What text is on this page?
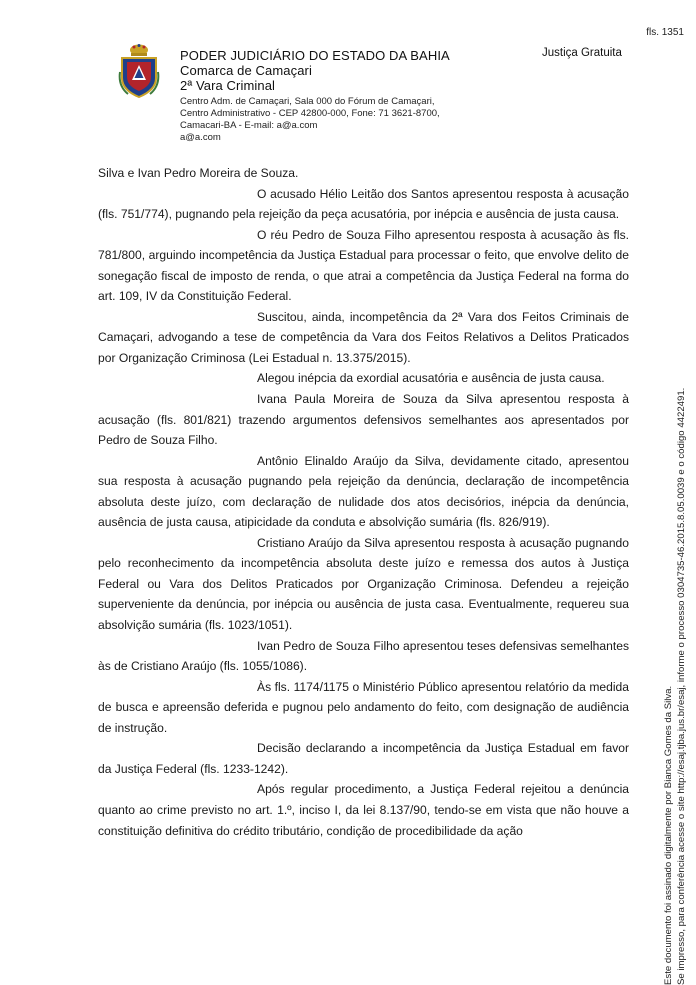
fls. 1351
PODER JUDICIÁRIO DO ESTADO DA BAHIA
Comarca de Camaçari
2ª Vara Criminal
Centro Adm. de Camaçari, Sala 000 do Fórum de Camaçari,
Centro Administrativo - CEP 42800-000, Fone: 71 3621-8700,
Camacari-BA - E-mail: a@a.com
a@a.com
Justiça Gratuita

Silva e Ivan Pedro Moreira de Souza.

O acusado Hélio Leitão dos Santos apresentou resposta à acusação (fls. 751/774), pugnando pela rejeição da peça acusatória, por inépcia e ausência de justa causa.

O réu Pedro de Souza Filho apresentou resposta à acusação às fls. 781/800, arguindo incompetência da Justiça Estadual para processar o feito, que envolve delito de sonegação fiscal de imposto de renda, o que atrai a competência da Justiça Federal na forma do art. 109, IV da Constituição Federal.

Suscitou, ainda, incompetência da 2ª Vara dos Feitos Criminais de Camaçari, advogando a tese de competência da Vara dos Feitos Relativos a Delitos Praticados por Organização Criminosa (Lei Estadual n. 13.375/2015).

Alegou inépcia da exordial acusatória e ausência de justa causa.

Ivana Paula Moreira de Souza da Silva apresentou resposta à acusação (fls. 801/821) trazendo argumentos defensivos semelhantes aos apresentados por Pedro de Souza Filho.

Antônio Elinaldo Araújo da Silva, devidamente citado, apresentou sua resposta à acusação pugnando pela rejeição da denúncia, declaração de incompetência absoluta deste juízo, com declaração de nulidade dos atos decisórios, inépcia da denúncia, ausência de justa causa, atipicidade da conduta e absolvição sumária (fls. 826/919).

Cristiano Araújo da Silva apresentou resposta à acusação pugnando pelo reconhecimento da incompetência absoluta deste juízo e remessa dos autos à Justiça Federal ou Vara dos Delitos Praticados por Organização Criminosa. Defendeu a rejeição superveniente da denúncia, por inépcia ou ausência de justa casa. Eventualmente, requereu sua absolvição sumária (fls. 1023/1051).

Ivan Pedro de Souza Filho apresentou teses defensivas semelhantes às de Cristiano Araújo (fls. 1055/1086).

Às fls. 1174/1175 o Ministério Público apresentou relatório da medida de busca e apreensão deferida e pugnou pelo andamento do feito, com designação de audiência de instrução.

Decisão declarando a incompetência da Justiça Estadual em favor da Justiça Federal (fls. 1233-1242).

Após regular procedimento, a Justiça Federal rejeitou a denúncia quanto ao crime previsto no art. 1.º, inciso I, da lei 8.137/90, tendo-se em vista que não houve a constituição definitiva do crédito tributário, condição de procedibilidade da ação	Este documento foi assinado digitalmente por Bianca Gomes da Silva. Se impresso, para conferência acesse o site http://esaj.tjba.jus.br/esaj, informe o processo 0304735-46.2015.8.05.0039 e o código 4422491.
